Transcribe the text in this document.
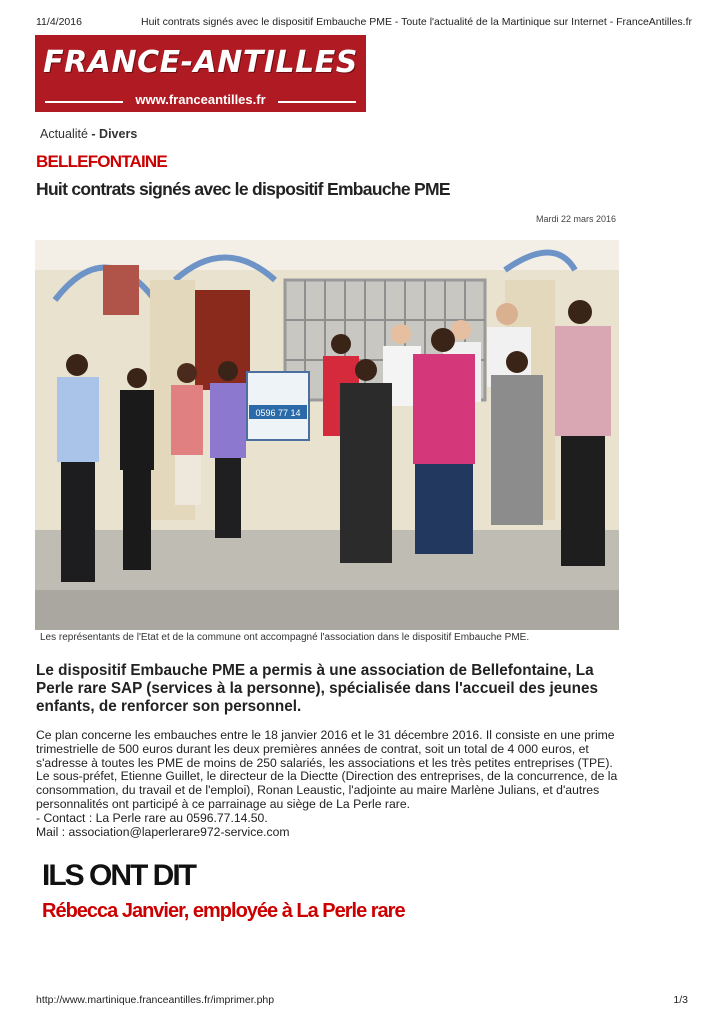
11/4/2016	Huit contrats signés avec le dispositif Embauche PME - Toute l'actualité de la Martinique sur Internet - FranceAntilles.fr
FRANCE-ANTILLES
www.franceantilles.fr
Actualité - Divers
BELLEFONTAINE
Huit contrats signés avec le dispositif Embauche PME
Mardi 22 mars 2016
0596 77 14
Les représentants de l'Etat et de la commune ont accompagné l'association dans le dispositif Embauche PME.
Le dispositif Embauche PME a permis à une association de Bellefontaine, La Perle rare SAP (services à la personne), spécialisée dans l'accueil des jeunes enfants, de renforcer son personnel.

Ce plan concerne les embauches entre le 18 janvier 2016 et le 31 décembre 2016. Il consiste en une prime trimestrielle de 500 euros durant les deux premières années de contrat, soit un total de 4 000 euros, et s'adresse à toutes les PME de moins de 250 salariés, les associations et les très petites entreprises (TPE).

Le sous-préfet, Etienne Guillet, le directeur de la Diectte (Direction des entreprises, de la concurrence, de la consommation, du travail et de l'emploi), Ronan Leaustic, l'adjointe au maire Marlène Julians, et d'autres personnalités ont participé à ce parrainage au siège de La Perle rare.

- Contact : La Perle rare au 0596.77.14.50.

Mail : association@laperlerare972-service.com

ILS ONT DIT
Rébecca Janvier, employée à La Perle rare
http://www.martinique.franceantilles.fr/imprimer.php	1/3
